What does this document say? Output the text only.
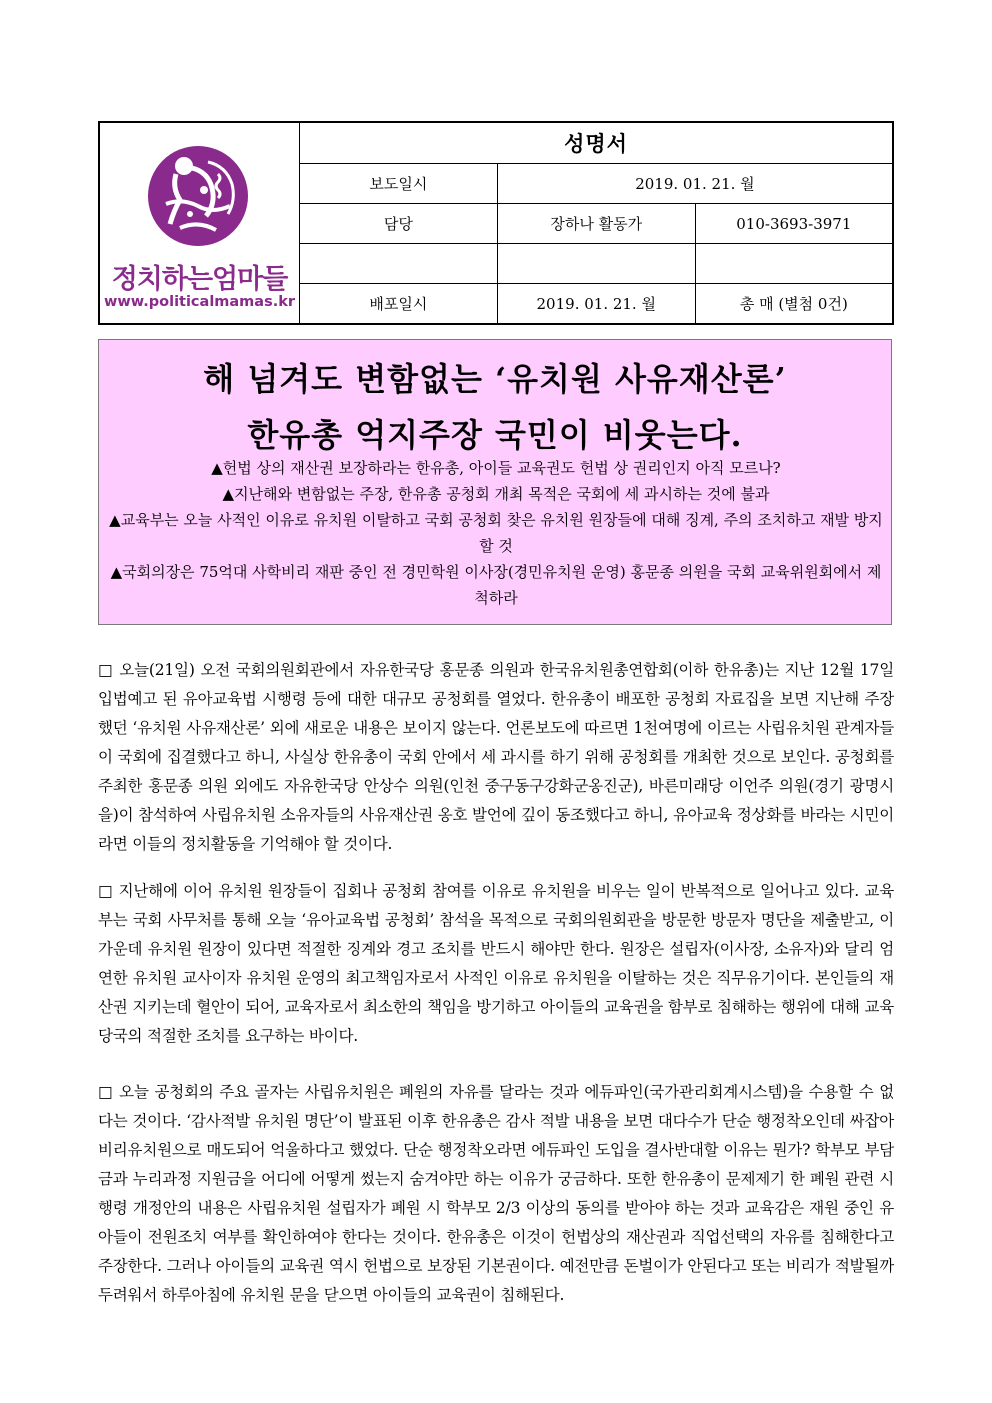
정치하는엄마들
www.politicalmamas.kr	성명서		
	보도일시	2019. 01. 21. 월	
	담당	장하나 활동가	010-3693-3971

	배포일시	2019. 01. 21. 월	총 매 (별첨 0건)
해 넘겨도 변함없는 ‘유치원 사유재산론’
한유총 억지주장 국민이 비웃는다.
▲헌법 상의 재산권 보장하라는 한유총, 아이들 교육권도 헌법 상 권리인지 아직 모르나?
▲지난해와 변함없는 주장, 한유총 공청회 개최 목적은 국회에 세 과시하는 것에 불과
▲교육부는 오늘 사적인 이유로 유치원 이탈하고 국회 공청회 찾은 유치원 원장들에 대해 징계, 주의 조치하고 재발 방지할 것
▲국회의장은 75억대 사학비리 재판 중인 전 경민학원 이사장(경민유치원 운영) 홍문종 의원을 국회 교육위원회에서 제척하라
□ 오늘(21일) 오전 국회의원회관에서 자유한국당 홍문종 의원과 한국유치원총연합회(이하 한유총)는 지난 12월 17일 입법예고 된 유아교육법 시행령 등에 대한 대규모 공청회를 열었다. 한유총이 배포한 공청회 자료집을 보면 지난해 주장했던 ‘유치원 사유재산론’ 외에 새로운 내용은 보이지 않는다. 언론보도에 따르면 1천여명에 이르는 사립유치원 관계자들이 국회에 집결했다고 하니, 사실상 한유총이 국회 안에서 세 과시를 하기 위해 공청회를 개최한 것으로 보인다. 공청회를 주최한 홍문종 의원 외에도 자유한국당 안상수 의원(인천 중구동구강화군옹진군), 바른미래당 이언주 의원(경기 광명시을)이 참석하여 사립유치원 소유자들의 사유재산권 옹호 발언에 깊이 동조했다고 하니, 유아교육 정상화를 바라는 시민이라면 이들의 정치활동을 기억해야 할 것이다.
□ 지난해에 이어 유치원 원장들이 집회나 공청회 참여를 이유로 유치원을 비우는 일이 반복적으로 일어나고 있다. 교육부는 국회 사무처를 통해 오늘 ‘유아교육법 공청회’ 참석을 목적으로 국회의원회관을 방문한 방문자 명단을 제출받고, 이 가운데 유치원 원장이 있다면 적절한 징계와 경고 조치를 반드시 해야만 한다. 원장은 설립자(이사장, 소유자)와 달리 엄연한 유치원 교사이자 유치원 운영의 최고책임자로서 사적인 이유로 유치원을 이탈하는 것은 직무유기이다. 본인들의 재산권 지키는데 혈안이 되어, 교육자로서 최소한의 책임을 방기하고 아이들의 교육권을 함부로 침해하는 행위에 대해 교육당국의 적절한 조치를 요구하는 바이다.
□ 오늘 공청회의 주요 골자는 사립유치원은 폐원의 자유를 달라는 것과 에듀파인(국가관리회계시스템)을 수용할 수 없다는 것이다. ‘감사적발 유치원 명단’이 발표된 이후 한유총은 감사 적발 내용을 보면 대다수가 단순 행정착오인데 싸잡아 비리유치원으로 매도되어 억울하다고 했었다. 단순 행정착오라면 에듀파인 도입을 결사반대할 이유는 뭔가? 학부모 부담금과 누리과정 지원금을 어디에 어떻게 썼는지 숨겨야만 하는 이유가 궁금하다. 또한 한유총이 문제제기 한 폐원 관련 시행령 개정안의 내용은 사립유치원 설립자가 폐원 시 학부모 2/3 이상의 동의를 받아야 하는 것과 교육감은 재원 중인 유아들이 전원조치 여부를 확인하여야 한다는 것이다. 한유총은 이것이 헌법상의 재산권과 직업선택의 자유를 침해한다고 주장한다. 그러나 아이들의 교육권 역시 헌법으로 보장된 기본권이다. 예전만큼 돈벌이가 안된다고 또는 비리가 적발될까 두려워서 하루아침에 유치원 문을 닫으면 아이들의 교육권이 침해된다.
